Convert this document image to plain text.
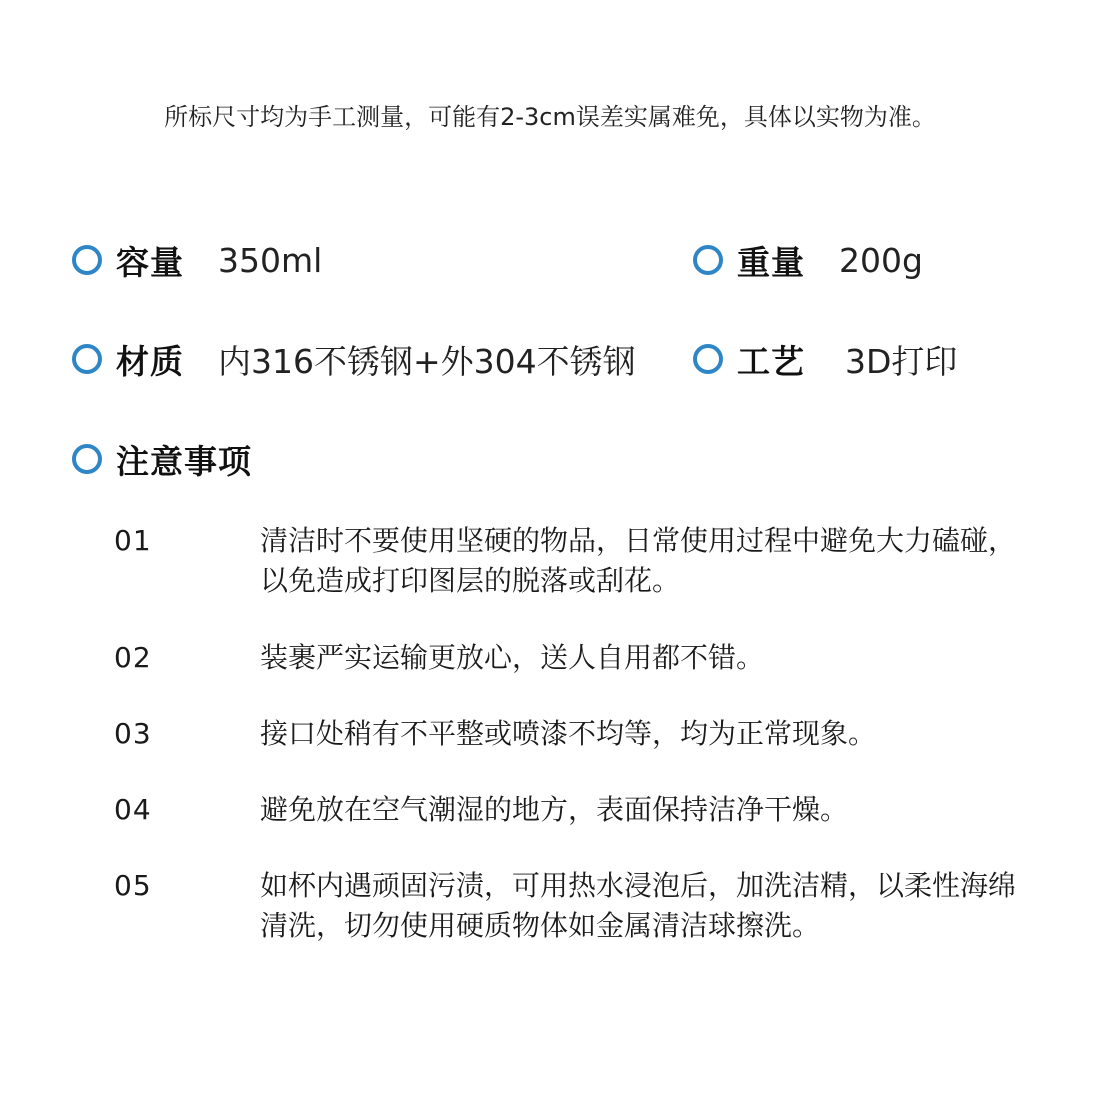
所标尺寸均为手工测量，可能有2-3cm误差实属难免，具体以实物为准。
容量 350ml	重量 200g
材质 内316不锈钢+外304不锈钢	工艺 3D打印
注意事项
01	清洁时不要使用坚硬的物品，日常使用过程中避免大力磕碰，以免造成打印图层的脱落或刮花。
02	装裹严实运输更放心，送人自用都不错。
03	接口处稍有不平整或喷漆不均等，均为正常现象。
04	避免放在空气潮湿的地方，表面保持洁净干燥。
05	如杯内遇顽固污渍，可用热水浸泡后，加洗洁精，以柔性海绵清洗，切勿使用硬质物体如金属清洁球擦洗。
